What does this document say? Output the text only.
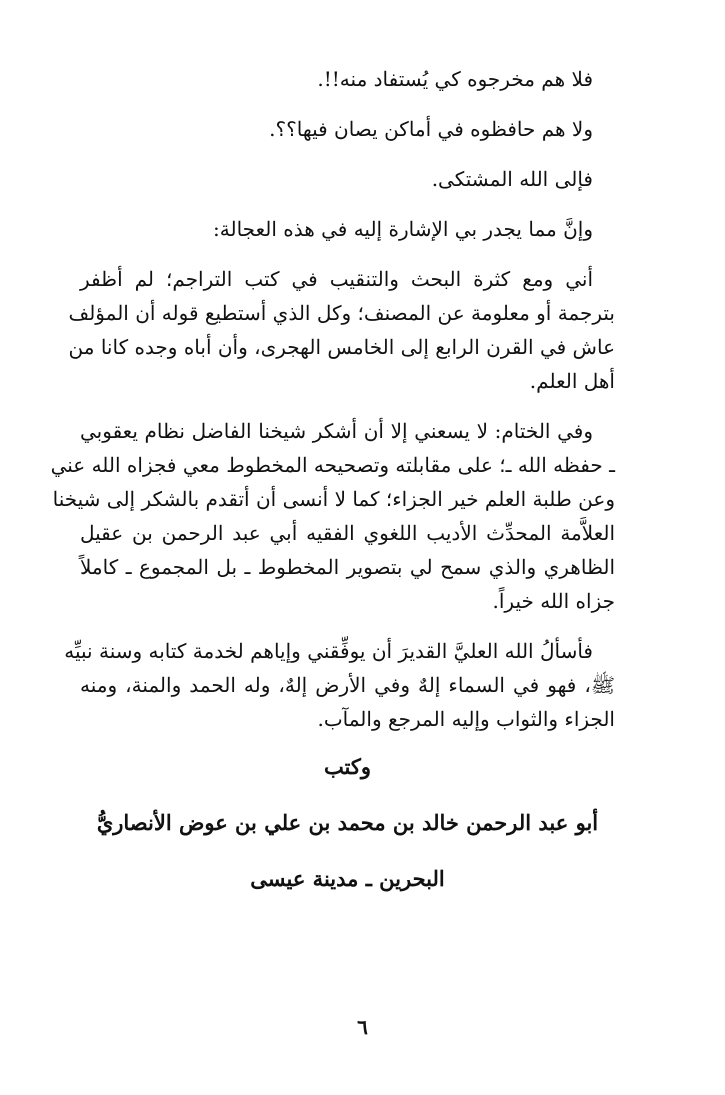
فلا هم مخرجوه كي يُستفاد منه!!.
ولا هم حافظوه في أماكن يصان فيها؟؟.
فإلى الله المشتكى.
وإنَّ مما يجدر بي الإشارة إليه في هذه العجالة:
أني ومع كثرة البحث والتنقيب في كتب التراجم؛ لم أظفر
بترجمة أو معلومة عن المصنف؛ وكل الذي أستطيع قوله أن المؤلف
عاش في القرن الرابع إلى الخامس الهجرى، وأن أباه وجده كانا من
أهل العلم.
وفي الختام: لا يسعني إلا أن أشكر شيخنا الفاضل نظام يعقوبي
ـ حفظه الله ـ؛ على مقابلته وتصحيحه المخطوط معي فجزاه الله عني
وعن طلبة العلم خير الجزاء؛ كما لا أنسى أن أتقدم بالشكر إلى شيخنا
العلاَّمة المحدِّث الأديب اللغوي الفقيه أبي عبد الرحمن بن عقيل
الظاهري والذي سمح لي بتصوير المخطوط ـ بل المجموع ـ كاملاً
جزاه الله خيراً.
فأسألُ الله العليَّ القديرَ أن يوفِّقني وإياهم لخدمة كتابه وسنة نبيِّه
ﷺ، فهو في السماء إلهٌ وفي الأرض إلهٌ، وله الحمد والمنة، ومنه
الجزاء والثواب وإليه المرجع والمآب.
وكتب
أبو عبد الرحمن خالد بن محمد بن علي بن عوض الأنصاريُّ
البحرين ـ مدينة عيسى
٦
